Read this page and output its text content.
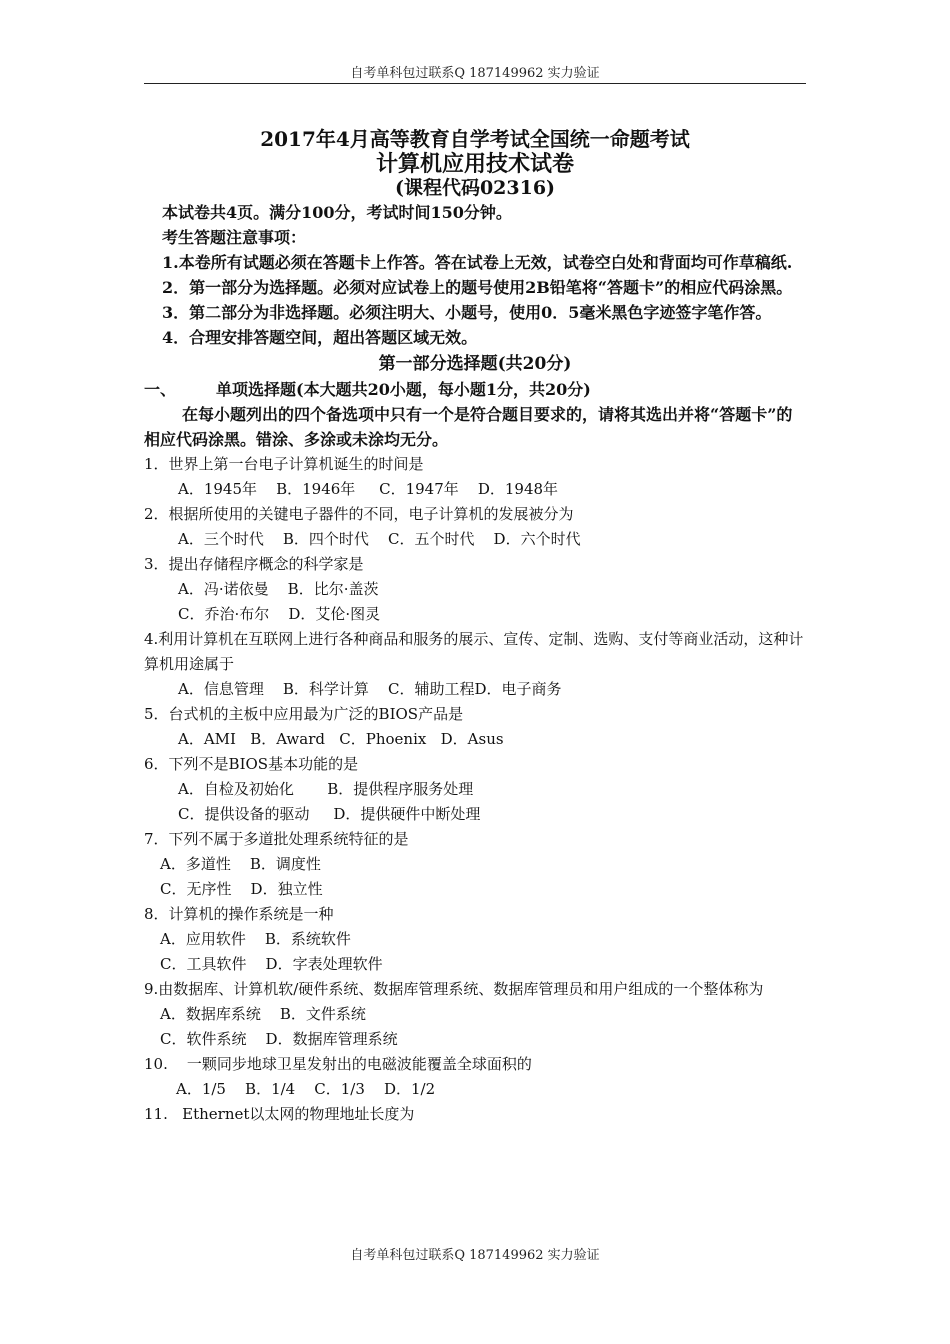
自考单科包过联系Q 187149962 实力验证
2017年4月高等教育自学考试全国统一命题考试
计算机应用技术试卷
(课程代码02316)
本试卷共4页。满分100分，考试时间150分钟。
考生答题注意事项：
1.本卷所有试题必须在答题卡上作答。答在试卷上无效，试卷空白处和背面均可作草稿纸.
2．第一部分为选择题。必须对应试卷上的题号使用2B铅笔将“答题卡”的相应代码涂黑。
3．第二部分为非选择题。必须注明大、小题号，使用0．5毫米黑色字迹签字笔作答。
4．合理安排答题空间，超出答题区域无效。
第一部分选择题(共20分)
一、	单项选择题(本大题共20小题，每小题1分，共20分)
在每小题列出的四个备选项中只有一个是符合题目要求的，请将其选出并将“答题卡”的相应代码涂黑。错涂、多涂或未涂均无分。
1．世界上第一台电子计算机诞生的时间是
A．1945年    B．1946年     C．1947年    D．1948年
2．根据所使用的关键电子器件的不同，电子计算机的发展被分为
A．三个时代    B．四个时代    C．五个时代    D．六个时代
3．提出存储程序概念的科学家是
A．冯·诺依曼    B．比尔·盖茨
C．乔治·布尔    D．艾伦·图灵
4.利用计算机在互联网上进行各种商品和服务的展示、宣传、定制、选购、支付等商业活动，这种计算机用途属于
A．信息管理    B．科学计算    C．辅助工程D．电子商务
5．台式机的主板中应用最为广泛的BIOS产品是
A．AMI   B．Award   C．Phoenix   D．Asus
6．下列不是BIOS基本功能的是
A．自检及初始化       B．提供程序服务处理
C．提供设备的驱动     D．提供硬件中断处理
7．下列不属于多道批处理系统特征的是
A．多道性    B．调度性
C．无序性    D．独立性
8．计算机的操作系统是一种
A．应用软件    B．系统软件
C．工具软件    D．字表处理软件
9.由数据库、计算机软/硬件系统、数据库管理系统、数据库管理员和用户组成的一个整体称为
A．数据库系统    B．文件系统
C．软件系统    D．数据库管理系统
10.    一颗同步地球卫星发射出的电磁波能覆盖全球面积的
A．1/5    B．1/4    C．1/3    D．1/2
11.   Ethernet以太网的物理地址长度为
自考单科包过联系Q 187149962 实力验证
